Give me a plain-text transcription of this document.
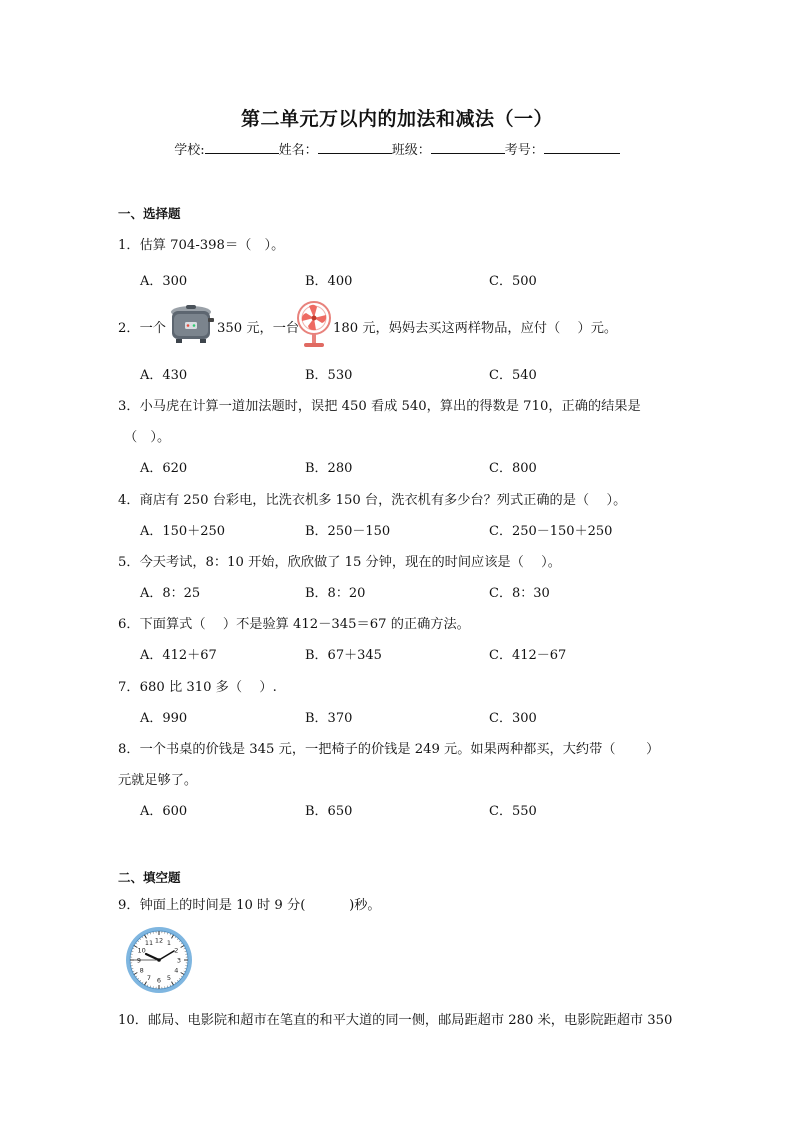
第二单元万以内的加法和减法（一）
学校:	姓名：	班级：	考号：
一、选择题
1．估算 704-398＝（　）。
A．300	B．400	C．500
2．一个	350 元，一台	180 元，妈妈去买这两样物品，应付（　 ）元。
A．430	B．530	C．540
3．小马虎在计算一道加法题时，误把 450 看成 540，算出的得数是 710，正确的结果是
（　）。
A．620	B．280	C．800
4．商店有 250 台彩电，比洗衣机多 150 台，洗衣机有多少台？列式正确的是（　 ）。
A．150＋250	B．250－150	C．250－150＋250
5．今天考试，8：10 开始，欣欣做了 15 分钟，现在的时间应该是（　 ）。
A．8：25	B．8：20	C．8：30
6．下面算式（　 ）不是验算 412－345＝67 的正确方法。
A．412＋67	B．67＋345	C．412－67
7．680 比 310 多（　 ）.
A．990	B．370	C．300
8．一个书桌的价钱是 345 元，一把椅子的价钱是 249 元。如果两种都买，大约带（　　 ）
元就足够了。
A．600	B．650	C．550
二、填空题
9．钟面上的时间是 10 时 9 分(　　　 )秒。
12 1
2
3
4
5
6
7
8
9
10
11
10．邮局、电影院和超市在笔直的和平大道的同一侧，邮局距超市 280 米，电影院距超市 350
